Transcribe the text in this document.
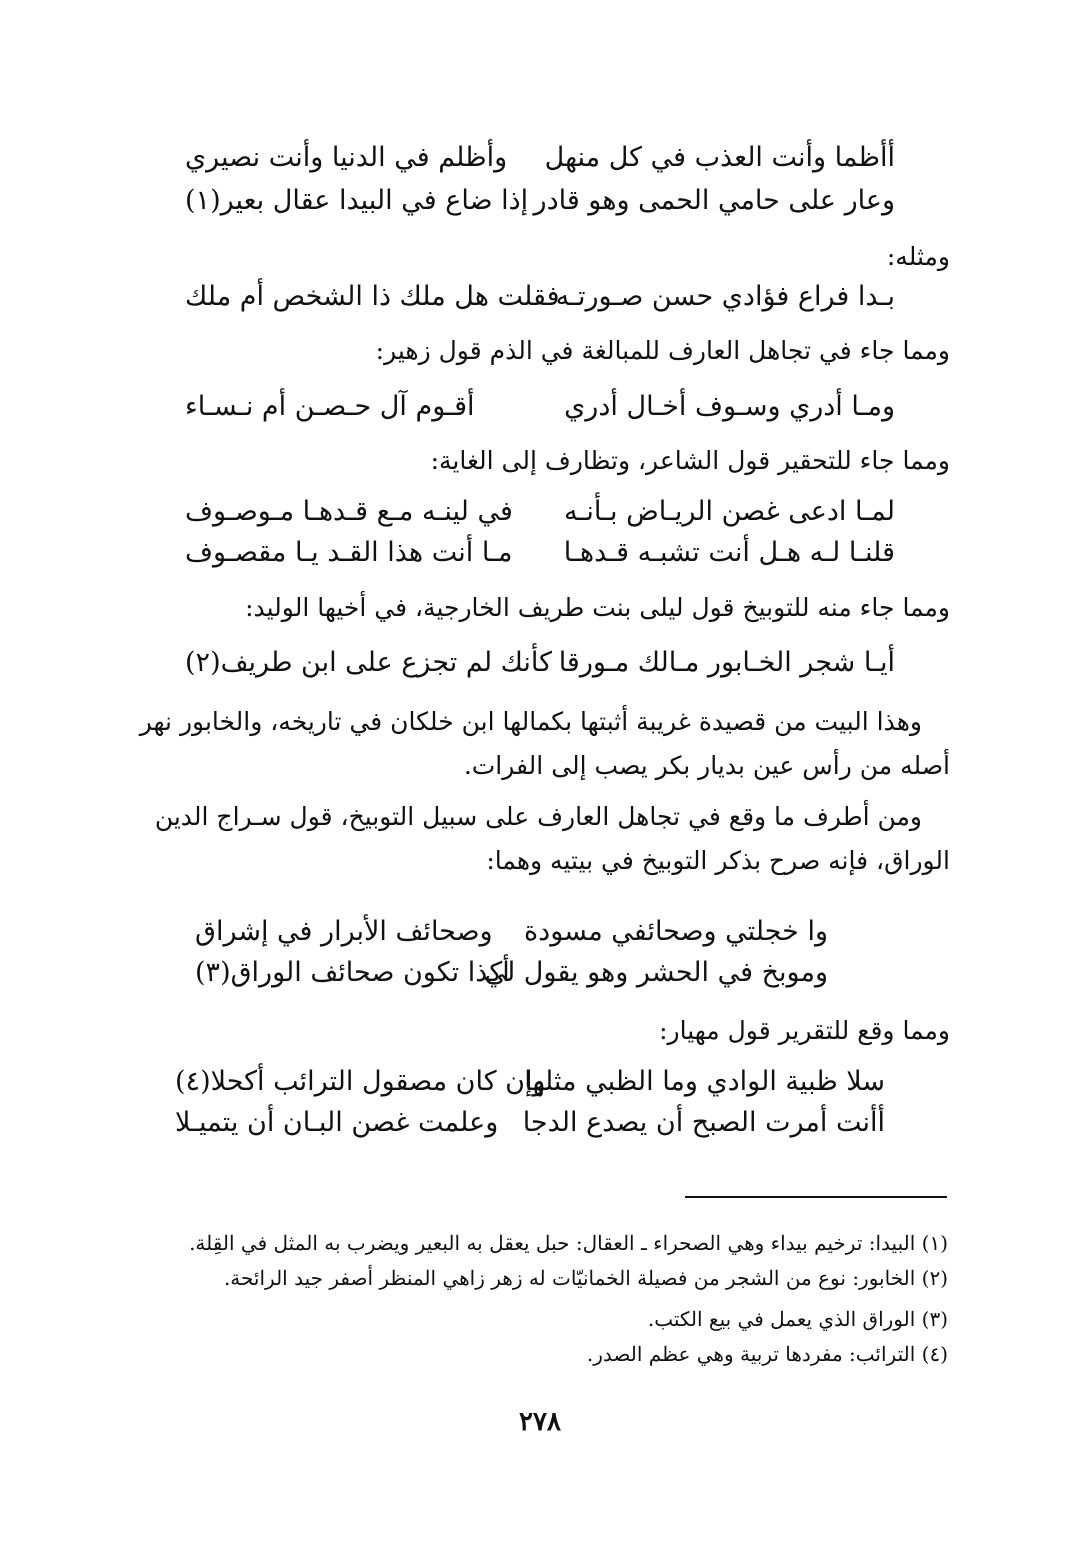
أأظما وأنت العذب في كل منهل
وأظلم في الدنيا وأنت نصيري
وعار على حامي الحمى وهو قادر
إذا ضاع في البيدا عقال بعير(١)
ومثله:
بـدا فراع فؤادي حسن صـورتـه
فقلت هل ملك ذا الشخص أم ملك
ومما جاء في تجاهل العارف للمبالغة في الذم قول زهير:
ومـا أدري وسـوف أخـال أدري
أقـوم آل حـصـن أم نـسـاء
ومما جاء للتحقير قول الشاعر، وتظارف إلى الغاية:
لمـا ادعى غصن الريـاض بـأنـه
في لينـه مـع قـدهـا مـوصـوف
قلنـا لـه هـل أنت تشبـه قـدهـا
مـا أنت هذا القـد يـا مقصـوف
ومما جاء منه للتوبيخ قول ليلى بنت طريف الخارجية، في أخيها الوليد:
أيـا شجر الخـابور مـالك مـورقا
كأنك لم تجزع على ابن طريف(٢)
وهذا البيت من قصيدة غريبة أثبتها بكمالها ابن خلكان في تاريخه، والخابور نهر
أصله من رأس عين بديار بكر يصب إلى الفرات.
ومن أطرف ما وقع في تجاهل العارف على سبيل التوبيخ، قول سـراج الدين
الوراق، فإنه صرح بذكر التوبيخ في بيتيه وهما:
وا خجلتي وصحائفي مسودة
وصحائف الأبرار في إشراق
وموبخ في الحشر وهو يقول لي
أكذا تكون صحائف الوراق(٣)
ومما وقع للتقرير قول مهيار:
سلا ظبية الوادي وما الظبي مثلها
وإن كان مصقول الترائب أكحلا(٤)
أأنت أمرت الصبح أن يصدع الدجا
وعلمت غصن البـان أن يتميـلا
(١) البيدا: ترخيم بيداء وهي الصحراء ـ العقال: حبل يعقل به البعير ويضرب به المثل في القِلة.
(٢) الخابور: نوع من الشجر من فصيلة الخمانيّات له زهر زاهي المنظر أصفر جيد الرائحة.
(٣) الوراق الذي يعمل في بيع الكتب.
(٤) الترائب: مفردها تربية وهي عظم الصدر.
٢٧٨
